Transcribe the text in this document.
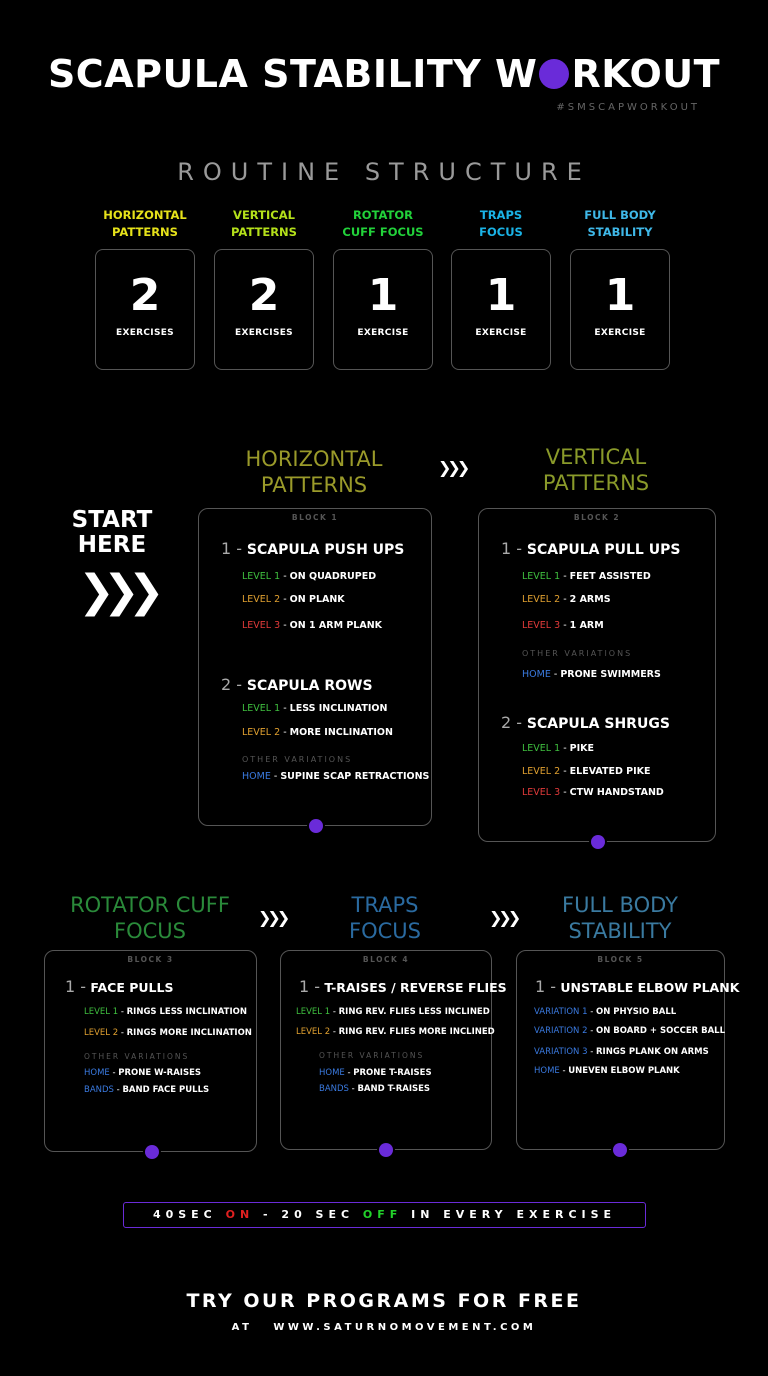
SCAPULA STABILITY W RKOUT
#SMSCAPWORKOUT
ROUTINE STRUCTURE
HORIZONTAL
PATTERNS
2
EXERCISES
VERTICAL
PATTERNS
2
EXERCISES
ROTATOR
CUFF FOCUS
1
EXERCISE
TRAPS
FOCUS
1
EXERCISE
FULL BODY
STABILITY
1
EXERCISE
START
HERE
❯❯❯
HORIZONTAL
PATTERNS
❯❯❯	VERTICAL
PATTERNS
BLOCK 1
1 - SCAPULA PUSH UPS
LEVEL 1 - ON QUADRUPED
LEVEL 2 - ON PLANK
LEVEL 3 - ON 1 ARM PLANK
2 - SCAPULA ROWS
LEVEL 1 - LESS INCLINATION
LEVEL 2 - MORE INCLINATION
OTHER VARIATIONS
HOME - SUPINE SCAP RETRACTIONS
BLOCK 2
1 - SCAPULA PULL UPS
LEVEL 1 - FEET ASSISTED
LEVEL 2 - 2 ARMS
LEVEL 3 - 1 ARM
OTHER VARIATIONS
HOME - PRONE SWIMMERS
2 - SCAPULA SHRUGS
LEVEL 1 - PIKE
LEVEL 2 - ELEVATED PIKE
LEVEL 3 - CTW HANDSTAND
ROTATOR CUFF
FOCUS
❯❯❯
TRAPS
FOCUS
❯❯❯
FULL BODY
STABILITY
BLOCK 3
1 - FACE PULLS
LEVEL 1 - RINGS LESS INCLINATION
LEVEL 2 - RINGS MORE INCLINATION
OTHER VARIATIONS
HOME - PRONE W-RAISES
BANDS - BAND FACE PULLS
BLOCK 4
1 - T-RAISES / REVERSE FLIES
LEVEL 1 - RING REV. FLIES LESS INCLINED
LEVEL 2 - RING REV. FLIES MORE INCLINED
OTHER VARIATIONS
HOME - PRONE T-RAISES
BANDS - BAND T-RAISES
BLOCK 5
1 - UNSTABLE ELBOW PLANK
VARIATION 1 - ON PHYSIO BALL
VARIATION 2 - ON BOARD + SOCCER BALL
VARIATION 3 - RINGS PLANK ON ARMS
HOME - UNEVEN ELBOW PLANK
40SEC ON - 20 SEC OFF IN EVERY EXERCISE
TRY OUR PROGRAMS FOR FREE
AT   WWW.SATURNOMOVEMENT.COM
